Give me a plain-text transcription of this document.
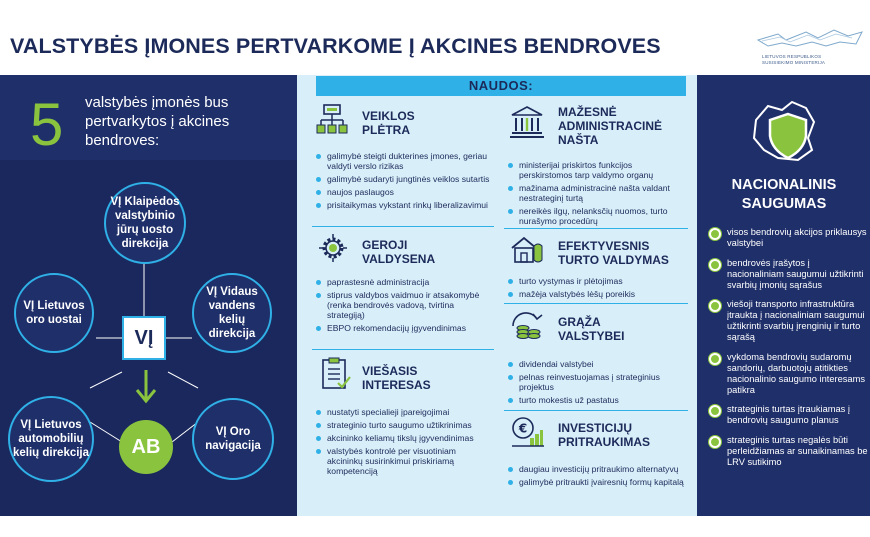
VALSTYBĖS ĮMONES PERTVARKOME Į AKCINES BENDROVES	LIETUVOS RESPUBLIKOS
SUSISIEKIMO MINISTERIJA
5 valstybės įmonės bus pertvarkytos į akcines bendroves:
VĮ Klaipėdos valstybinio jūrų uosto direkcija
VĮ Lietuvos oro uostai
VĮ Vidaus vandens kelių direkcija
VĮ Lietuvos automobilių kelių direkcija
VĮ Oro navigacija
VĮ
AB
NAUDOS:
VEIKLOS
PLĖTRA
galimybė steigti dukterines įmones, geriau valdyti verslo rizikas
galimybė sudaryti jungtinės veiklos sutartis
naujos paslaugos
prisitaikymas vykstant rinkų liberalizavimui
GEROJI
VALDYSENA
paprastesnė administracija
stiprus valdybos vaidmuo ir atsakomybė (renka bendrovės vadovą, tvirtina strategiją)
EBPO rekomendacijų įgyvendinimas
VIEŠASIS
INTERESAS
nustatyti specialieji įpareigojimai
strateginio turto saugumo užtikrinimas
akcininko keliamų tikslų įgyvendinimas
valstybės kontrolė per visuotiniam akcininkų susirinkimui priskiriamą kompetenciją
MAŽESNĖ
ADMINISTRACINĖ
NAŠTA
ministerijai priskirtos funkcijos perskirstomos tarp valdymo organų
mažinama administracinė našta valdant nestrateginį turtą
nereikės ilgų, nelanksčių nuomos, turto nurašymo procedūrų
EFEKTYVESNIS
TURTO VALDYMAS
turto vystymas ir plėtojimas
mažėja valstybės lėšų poreikis
GRĄŽA
VALSTYBEI
dividendai valstybei
pelnas reinvestuojamas į strateginius projektus
turto mokestis už pastatus
€	INVESTICIJŲ
PRITRAUKIMAS
daugiau investicijų pritraukimo alternatyvų
galimybė pritraukti įvairesnių formų kapitalą
NACIONALINIS
SAUGUMAS
visos bendrovių akcijos priklausys valstybei
bendrovės įrašytos į nacionaliniam saugumui užtikrinti svarbių įmonių sąrašus
viešoji transporto infrastruktūra įtraukta į nacionaliniam saugumui užtikrinti svarbių įrenginių ir turto sąrašą
vykdoma bendrovių sudaromų sandorių, darbuotojų atitikties nacionalinio saugumo interesams patikra
strateginis turtas įtraukiamas į bendrovių saugumo planus
strateginis turtas negalės būti perleidžiamas ar sunaikinamas be LRV sutikimo
